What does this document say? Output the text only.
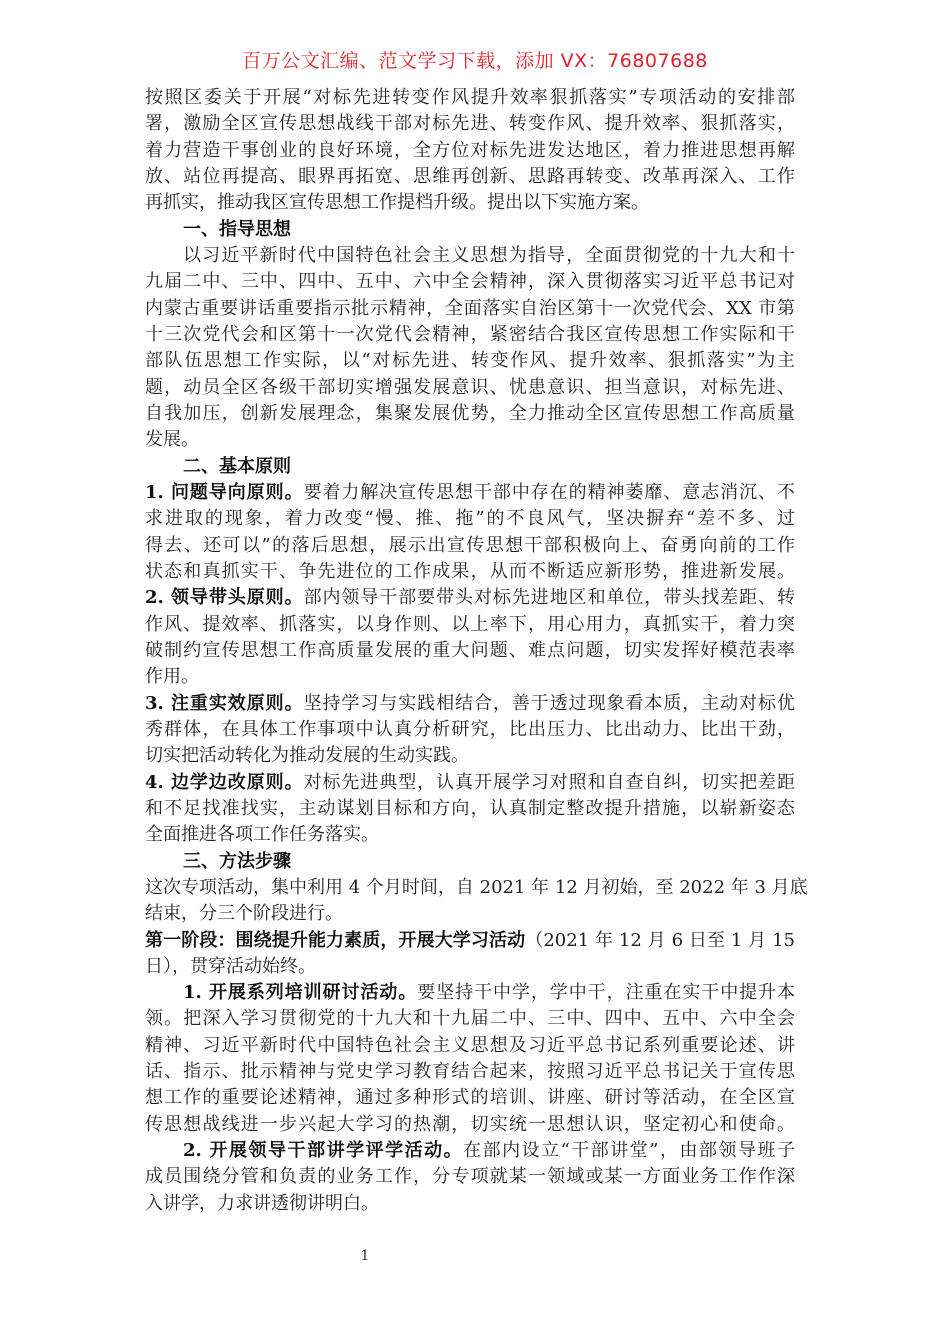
百万公文汇编、范文学习下载，添加 VX：76807688
按照区委关于开展“对标先进转变作风提升效率狠抓落实”专项活动的安排部
署，激励全区宣传思想战线干部对标先进、转变作风、提升效率、狠抓落实，
着力营造干事创业的良好环境，全方位对标先进发达地区，着力推进思想再解
放、站位再提高、眼界再拓宽、思维再创新、思路再转变、改革再深入、工作
再抓实，推动我区宣传思想工作提档升级。提出以下实施方案。
一、指导思想
以习近平新时代中国特色社会主义思想为指导，全面贯彻党的十九大和十
九届二中、三中、四中、五中、六中全会精神，深入贯彻落实习近平总书记对
内蒙古重要讲话重要指示批示精神，全面落实自治区第十一次党代会、XX 市第
十三次党代会和区第十一次党代会精神，紧密结合我区宣传思想工作实际和干
部队伍思想工作实际，以“对标先进、转变作风、提升效率、狠抓落实”为主
题，动员全区各级干部切实增强发展意识、忧患意识、担当意识，对标先进、
自我加压，创新发展理念，集聚发展优势，全力推动全区宣传思想工作高质量
发展。
二、基本原则
1. 问题导向原则。要着力解决宣传思想干部中存在的精神萎靡、意志消沉、不
求进取的现象，着力改变“慢、推、拖”的不良风气，坚决摒弃“差不多、过
得去、还可以”的落后思想，展示出宣传思想干部积极向上、奋勇向前的工作
状态和真抓实干、争先进位的工作成果，从而不断适应新形势，推进新发展。
2. 领导带头原则。部内领导干部要带头对标先进地区和单位，带头找差距、转
作风、提效率、抓落实，以身作则、以上率下，用心用力，真抓实干，着力突
破制约宣传思想工作高质量发展的重大问题、难点问题，切实发挥好模范表率
作用。
3. 注重实效原则。坚持学习与实践相结合，善于透过现象看本质，主动对标优
秀群体，在具体工作事项中认真分析研究，比出压力、比出动力、比出干劲，
切实把活动转化为推动发展的生动实践。
4. 边学边改原则。对标先进典型，认真开展学习对照和自查自纠，切实把差距
和不足找准找实，主动谋划目标和方向，认真制定整改提升措施，以崭新姿态
全面推进各项工作任务落实。
三、方法步骤
这次专项活动，集中利用 4 个月时间，自 2021 年 12 月初始，至 2022 年 3 月底
结束，分三个阶段进行。
第一阶段：围绕提升能力素质，开展大学习活动（2021 年 12 月 6 日至 1 月 15
日），贯穿活动始终。
1. 开展系列培训研讨活动。要坚持干中学，学中干，注重在实干中提升本
领。把深入学习贯彻党的十九大和十九届二中、三中、四中、五中、六中全会
精神、习近平新时代中国特色社会主义思想及习近平总书记系列重要论述、讲
话、指示、批示精神与党史学习教育结合起来，按照习近平总书记关于宣传思
想工作的重要论述精神，通过多种形式的培训、讲座、研讨等活动，在全区宣
传思想战线进一步兴起大学习的热潮，切实统一思想认识，坚定初心和使命。
2. 开展领导干部讲学评学活动。在部内设立“干部讲堂”，由部领导班子
成员围绕分管和负责的业务工作，分专项就某一领域或某一方面业务工作作深
入讲学，力求讲透彻讲明白。
1
